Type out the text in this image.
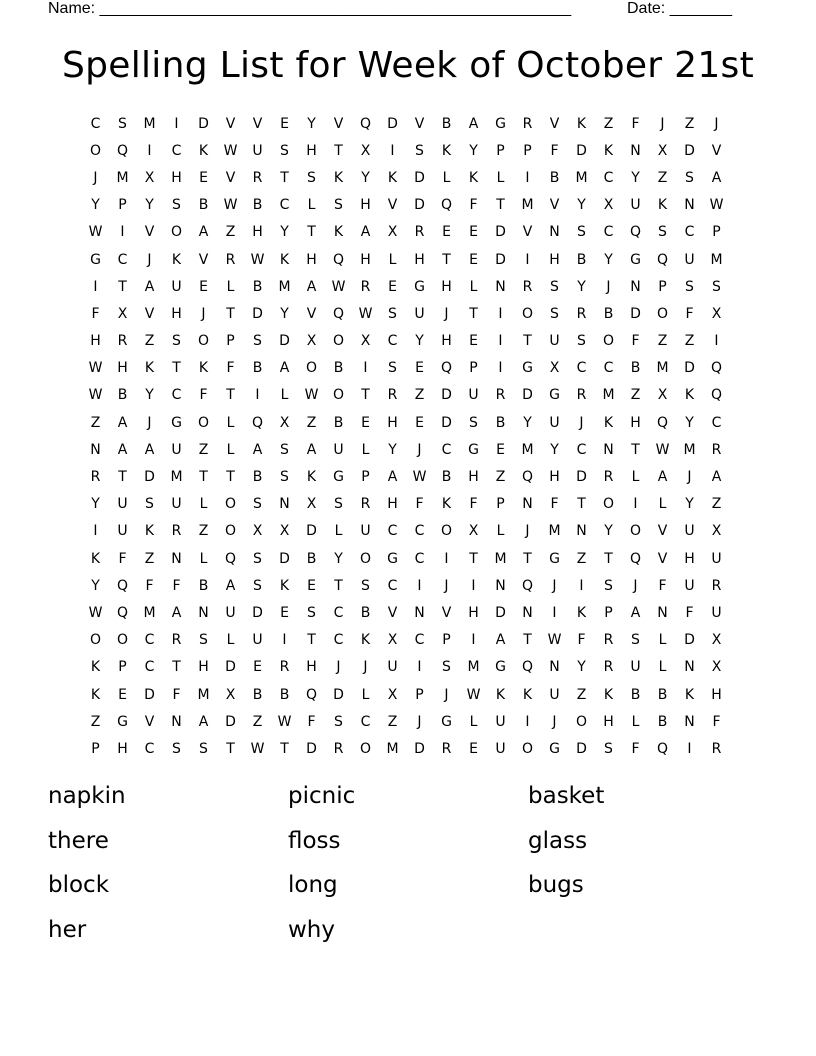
Name: _____________________________________________________	Date: _______
Spelling List for Week of October 21st
C	S	M	I	D	V	V	E	Y	V	Q	D	V	B	A	G	R	V	K	Z	F	J	Z	J
O	Q	I	C	K	W	U	S	H	T	X	I	S	K	Y	P	P	F	D	K	N	X	D	V
J	M	X	H	E	V	R	T	S	K	Y	K	D	L	K	L	I	B	M	C	Y	Z	S	A
Y	P	Y	S	B	W	B	C	L	S	H	V	D	Q	F	T	M	V	Y	X	U	K	N	W
W	I	V	O	A	Z	H	Y	T	K	A	X	R	E	E	D	V	N	S	C	Q	S	C	P
G	C	J	K	V	R	W	K	H	Q	H	L	H	T	E	D	I	H	B	Y	G	Q	U	M
I	T	A	U	E	L	B	M	A	W	R	E	G	H	L	N	R	S	Y	J	N	P	S	S
F	X	V	H	J	T	D	Y	V	Q	W	S	U	J	T	I	O	S	R	B	D	O	F	X
H	R	Z	S	O	P	S	D	X	O	X	C	Y	H	E	I	T	U	S	O	F	Z	Z	I
W	H	K	T	K	F	B	A	O	B	I	S	E	Q	P	I	G	X	C	C	B	M	D	Q
W	B	Y	C	F	T	I	L	W	O	T	R	Z	D	U	R	D	G	R	M	Z	X	K	Q
Z	A	J	G	O	L	Q	X	Z	B	E	H	E	D	S	B	Y	U	J	K	H	Q	Y	C
N	A	A	U	Z	L	A	S	A	U	L	Y	J	C	G	E	M	Y	C	N	T	W	M	R
R	T	D	M	T	T	B	S	K	G	P	A	W	B	H	Z	Q	H	D	R	L	A	J	A
Y	U	S	U	L	O	S	N	X	S	R	H	F	K	F	P	N	F	T	O	I	L	Y	Z
I	U	K	R	Z	O	X	X	D	L	U	C	C	O	X	L	J	M	N	Y	O	V	U	X
K	F	Z	N	L	Q	S	D	B	Y	O	G	C	I	T	M	T	G	Z	T	Q	V	H	U
Y	Q	F	F	B	A	S	K	E	T	S	C	I	J	I	N	Q	J	I	S	J	F	U	R
W	Q	M	A	N	U	D	E	S	C	B	V	N	V	H	D	N	I	K	P	A	N	F	U
O	O	C	R	S	L	U	I	T	C	K	X	C	P	I	A	T	W	F	R	S	L	D	X
K	P	C	T	H	D	E	R	H	J	J	U	I	S	M	G	Q	N	Y	R	U	L	N	X
K	E	D	F	M	X	B	B	Q	D	L	X	P	J	W	K	K	U	Z	K	B	B	K	H
Z	G	V	N	A	D	Z	W	F	S	C	Z	J	G	L	U	I	J	O	H	L	B	N	F
P	H	C	S	S	T	W	T	D	R	O	M	D	R	E	U	O	G	D	S	F	Q	I	R
napkin	picnic	basket
there	floss	glass
block	long	bugs
her	why
